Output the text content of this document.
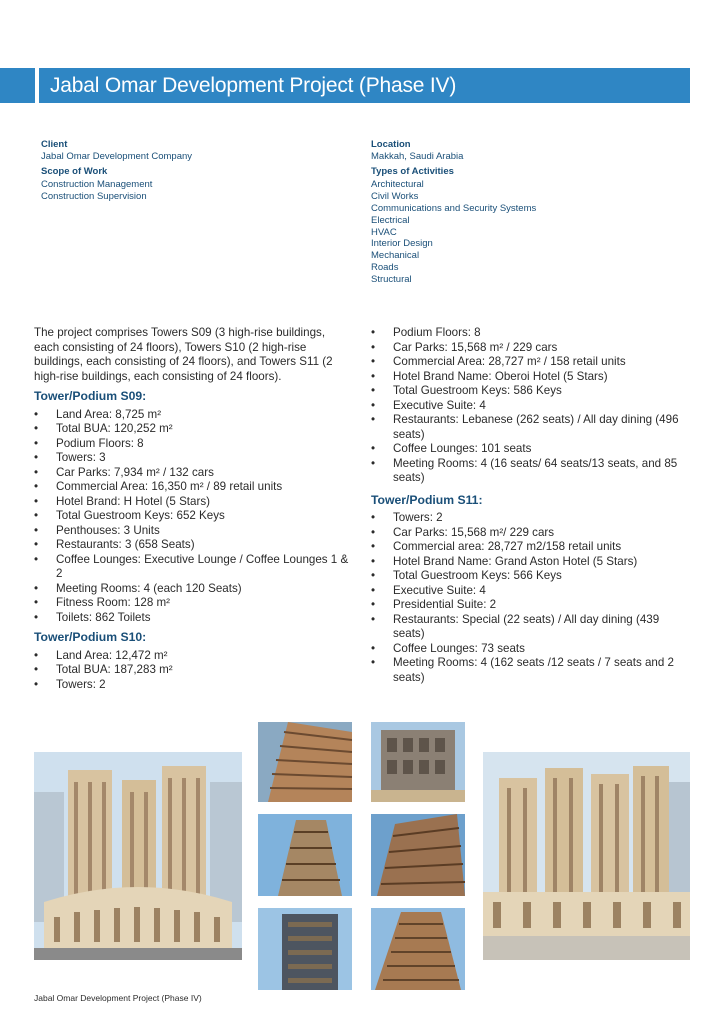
Jabal Omar Development Project (Phase IV)
Client
Jabal Omar Development Company
Scope of Work
Construction Management
Construction Supervision
Location
Makkah, Saudi Arabia
Types of Activities
Architectural
Civil Works
Communications and Security Systems
Electrical
HVAC
Interior Design
Mechanical
Roads
Structural

The project comprises Towers S09 (3 high-rise buildings, each consisting of 24 floors), Towers S10 (2 high-rise buildings, each consisting of 24 floors), and Towers S11 (2 high-rise buildings, each consisting of 24 floors).

Tower/Podium S09:
• Land Area: 8,725 m²
• Total BUA: 120,252 m²
• Podium Floors: 8
• Towers: 3
• Car Parks: 7,934 m² / 132 cars
• Commercial Area: 16,350 m² / 89 retail units
• Hotel Brand: H Hotel (5 Stars)
• Total Guestroom Keys: 652 Keys
• Penthouses: 3 Units
• Restaurants: 3 (658 Seats)
• Coffee Lounges: Executive Lounge / Coffee Lounges 1 & 2
• Meeting Rooms: 4 (each 120 Seats)
• Fitness Room: 128 m²
• Toilets: 862 Toilets
Tower/Podium S10:
• Land Area: 12,472 m²
• Total BUA: 187,283 m²
• Towers: 2
• Podium Floors: 8
• Car Parks: 15,568 m² / 229 cars
• Commercial Area: 28,727 m² / 158 retail units
• Hotel Brand Name: Oberoi Hotel (5 Stars)
• Total Guestroom Keys: 586 Keys
• Executive Suite: 4
• Restaurants: Lebanese (262 seats) / All day dining (496 seats)
• Coffee Lounges: 101 seats
• Meeting Rooms: 4 (16 seats/ 64 seats/13 seats, and 85 seats)
Tower/Podium S11:
• Towers: 2
• Car Parks: 15,568 m²/ 229 cars
• Commercial area: 28,727 m2/158 retail units
• Hotel Brand Name: Grand Aston Hotel (5 Stars)
• Total Guestroom Keys: 566 Keys
• Executive Suite: 4
• Presidential Suite: 2
• Restaurants: Special (22 seats) / All day dining (439 seats)
• Coffee Lounges: 73 seats
• Meeting Rooms: 4 (162 seats /12 seats / 7 seats and 2 seats)
Jabal Omar Development Project (Phase IV)
